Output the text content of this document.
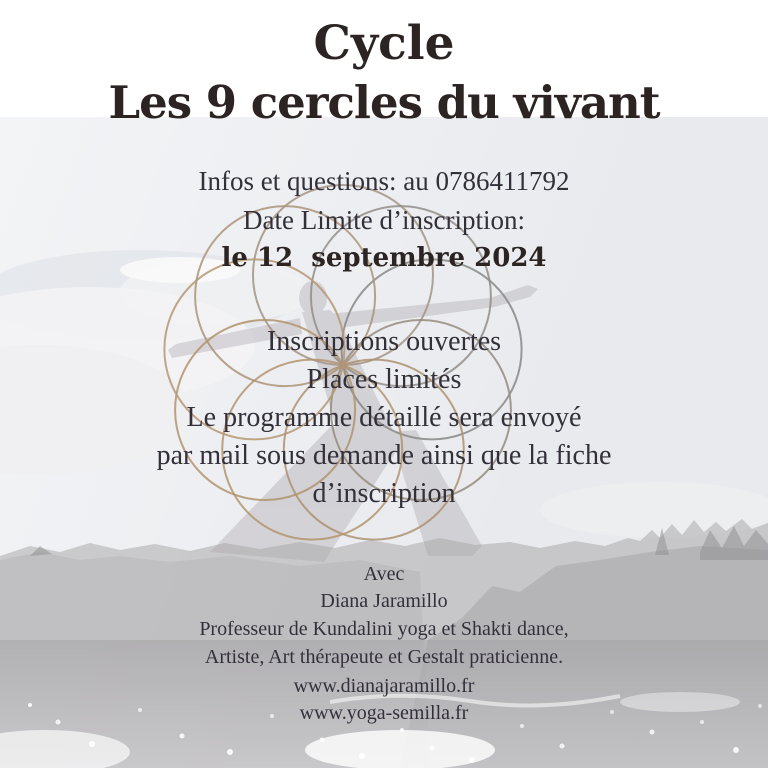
Cycle
Les 9 cercles du vivant
Infos et questions: au 0786411792
Date Limite d’inscription:
le 12  septembre 2024
Inscriptions ouvertes
Places limités
Le programme détaillé sera envoyé
par mail sous demande ainsi que la fiche
d’inscription
Avec
Diana Jaramillo
Professeur de Kundalini yoga et Shakti dance,
Artiste, Art thérapeute et Gestalt praticienne.
www.dianajaramillo.fr
www.yoga-semilla.fr
